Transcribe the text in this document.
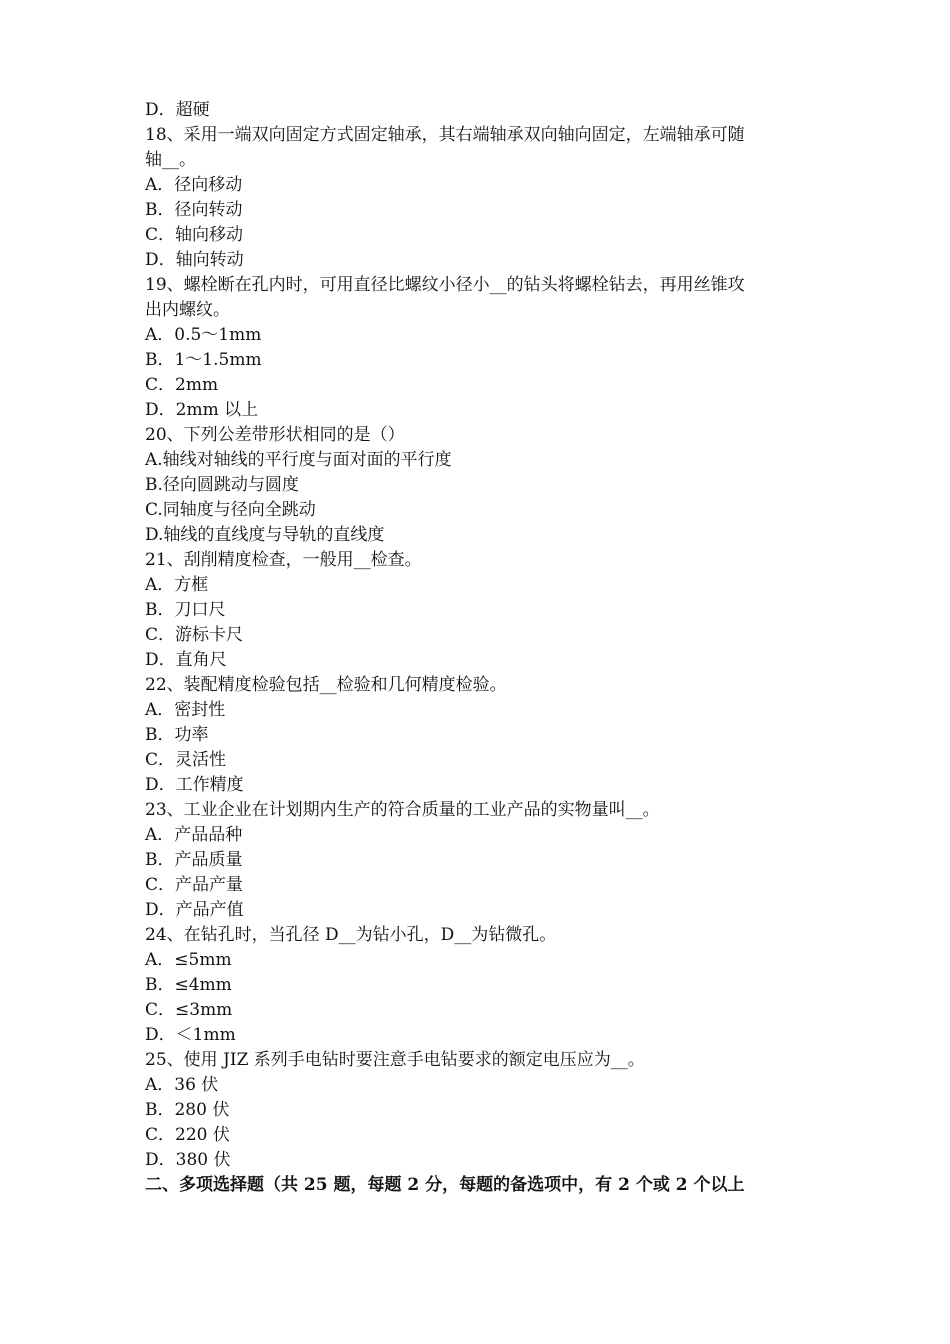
D．超硬
18、采用一端双向固定方式固定轴承，其右端轴承双向轴向固定，左端轴承可随
轴__。
A．径向移动
B．径向转动
C．轴向移动
D．轴向转动
19、螺栓断在孔内时，可用直径比螺纹小径小__的钻头将螺栓钻去，再用丝锥攻
出内螺纹。
A．0.5～1mm
B．1～1.5mm
C．2mm
D．2mm 以上
20、下列公差带形状相同的是（）
A.轴线对轴线的平行度与面对面的平行度
B.径向圆跳动与圆度
C.同轴度与径向全跳动
D.轴线的直线度与导轨的直线度
21、刮削精度检查，一般用__检查。
A．方框
B．刀口尺
C．游标卡尺
D．直角尺
22、装配精度检验包括__检验和几何精度检验。
A．密封性
B．功率
C．灵活性
D．工作精度
23、工业企业在计划期内生产的符合质量的工业产品的实物量叫__。
A．产品品种
B．产品质量
C．产品产量
D．产品产值
24、在钻孔时，当孔径 D__为钻小孔，D__为钻微孔。
A．≤5mm
B．≤4mm
C．≤3mm
D．＜1mm
25、使用 JIZ 系列手电钻时要注意手电钻要求的额定电压应为__。
A．36 伏
B．280 伏
C．220 伏
D．380 伏
二、多项选择题（共 25 题，每题 2 分，每题的备选项中，有 2 个或 2 个以上
